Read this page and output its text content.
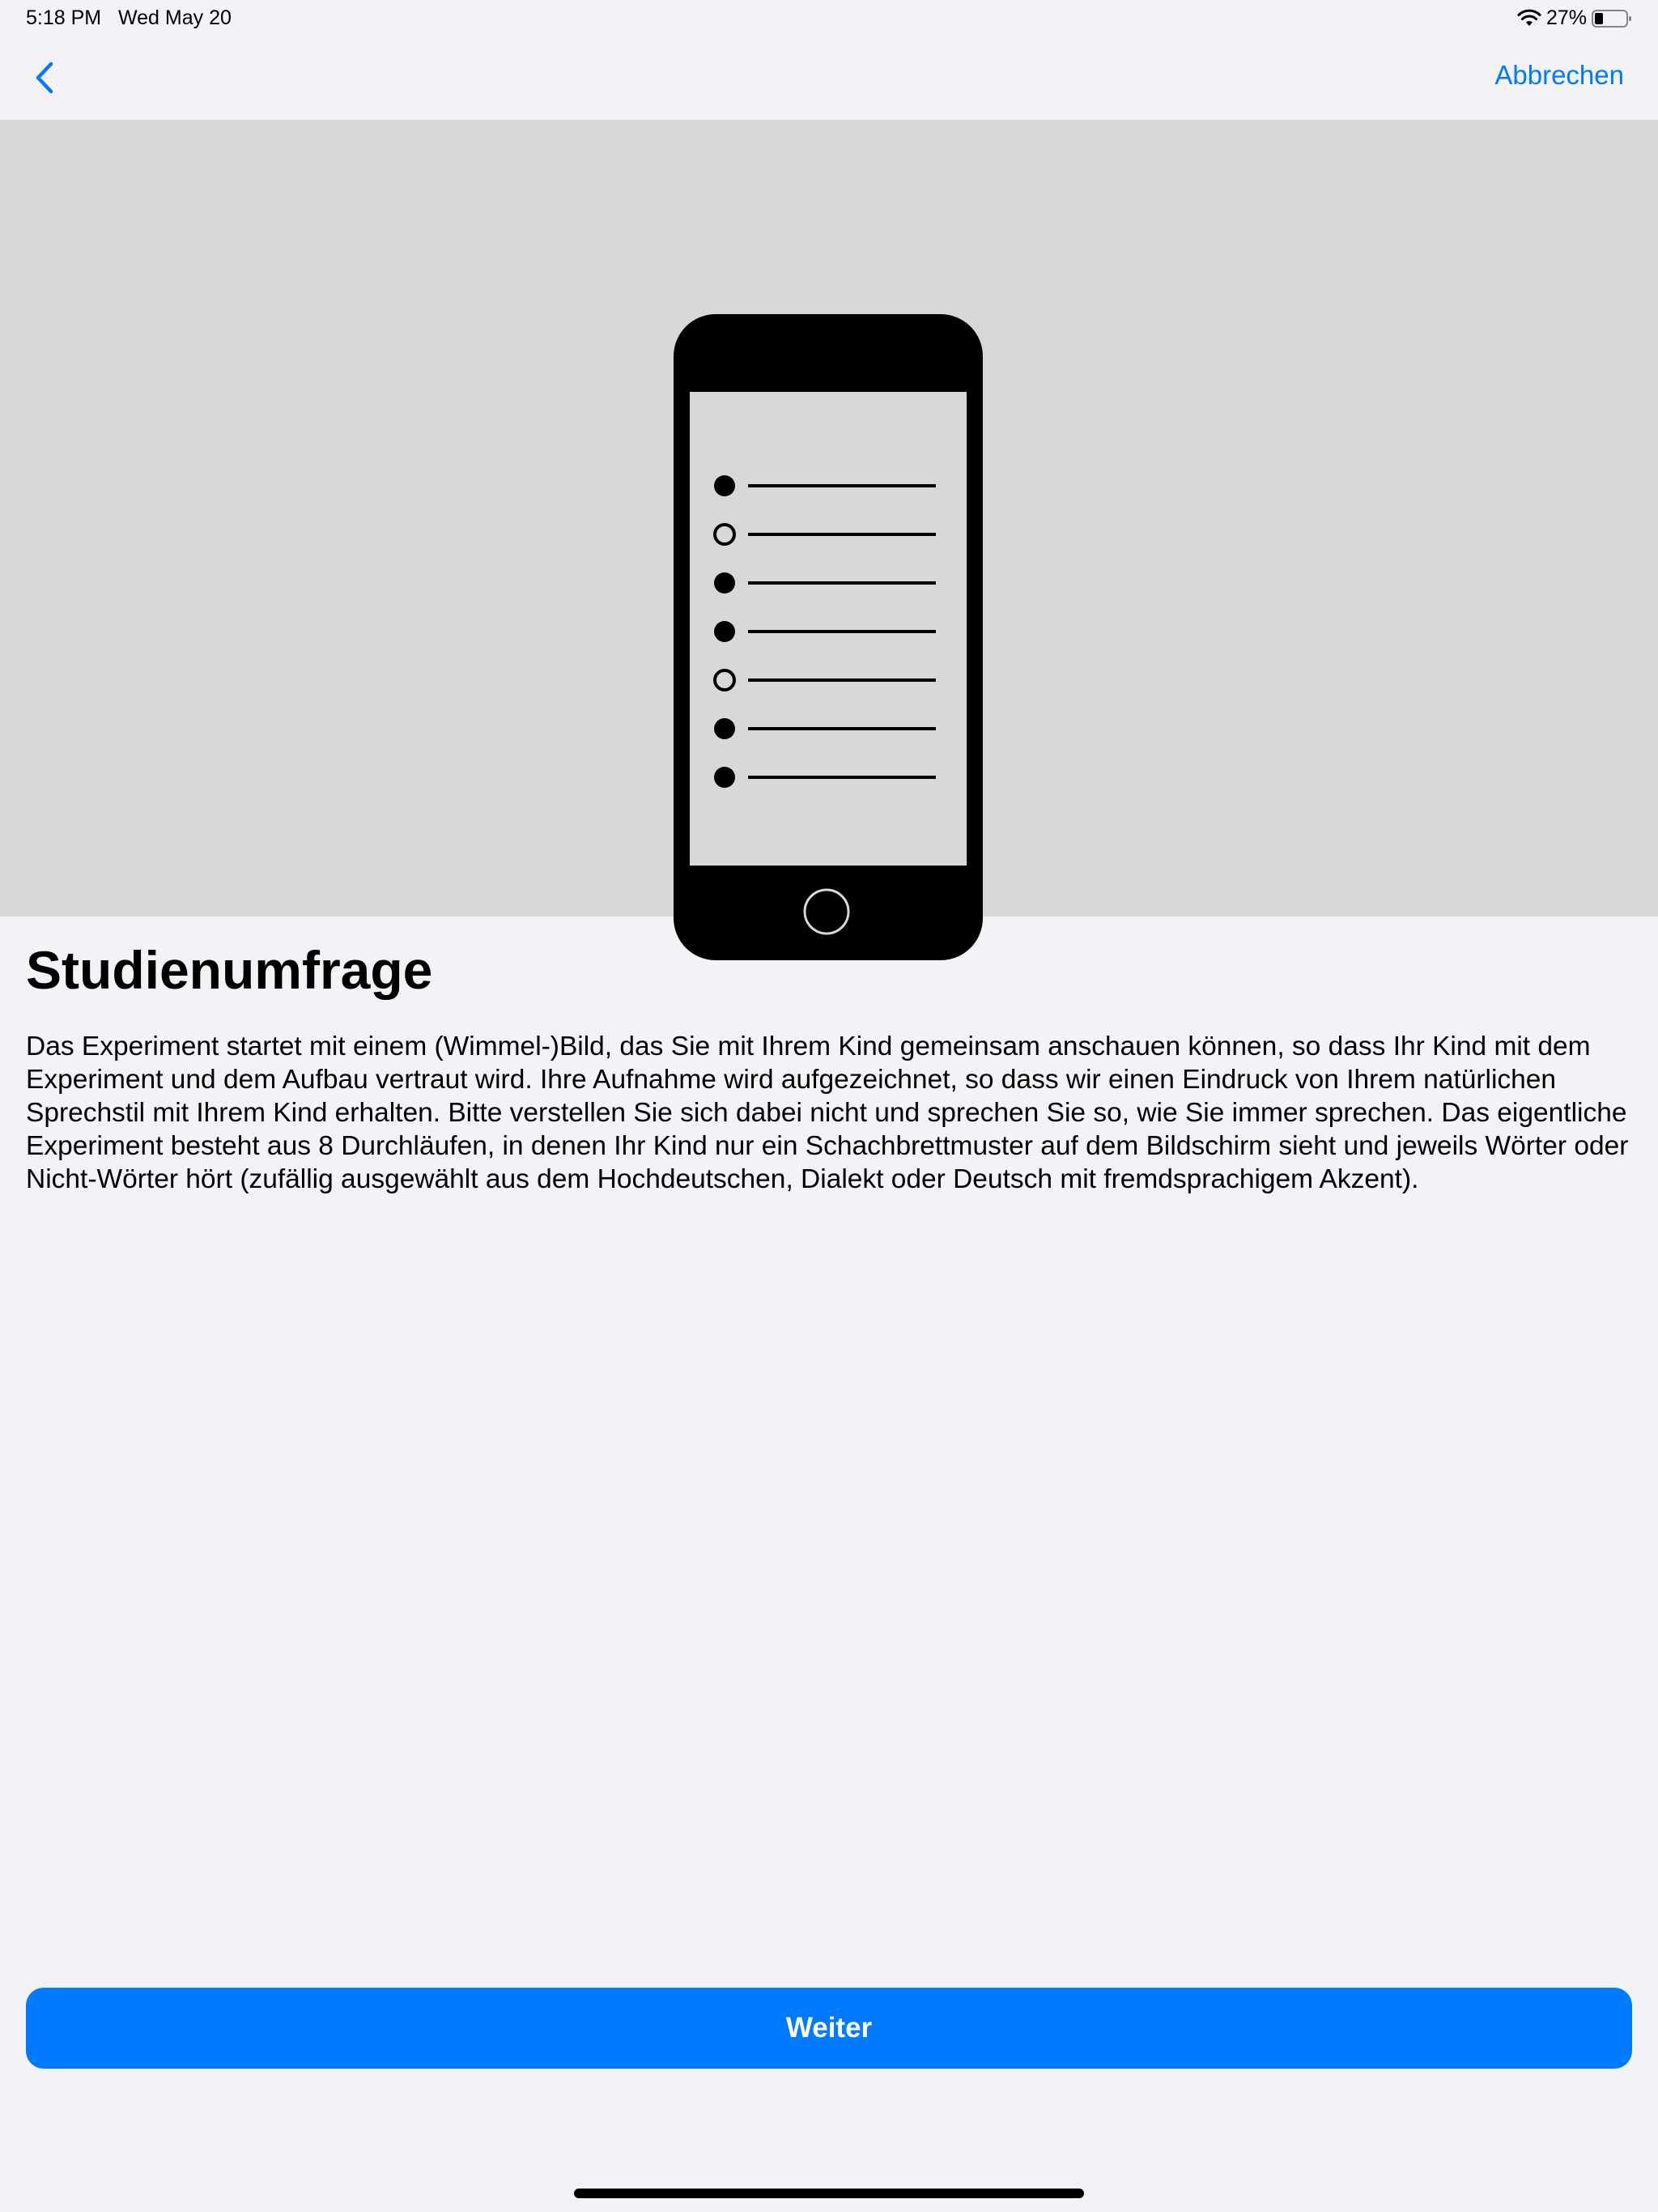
5:18 PM Wed May 20	27%
Abbrechen
Studienumfrage

Das Experiment startet mit einem (Wimmel-)Bild, das Sie mit Ihrem Kind gemeinsam anschauen können, so dass Ihr Kind mit dem Experiment und dem Aufbau vertraut wird. Ihre Aufnahme wird aufgezeichnet, so dass wir einen Eindruck von Ihrem natürlichen Sprechstil mit Ihrem Kind erhalten. Bitte verstellen Sie sich dabei nicht und sprechen Sie so, wie Sie immer sprechen. Das eigentliche Experiment besteht aus 8 Durchläufen, in denen Ihr Kind nur ein Schachbrettmuster auf dem Bildschirm sieht und jeweils Wörter oder Nicht-Wörter hört (zufällig ausgewählt aus dem Hochdeutschen, Dialekt oder Deutsch mit fremdsprachigem Akzent).

Weiter
